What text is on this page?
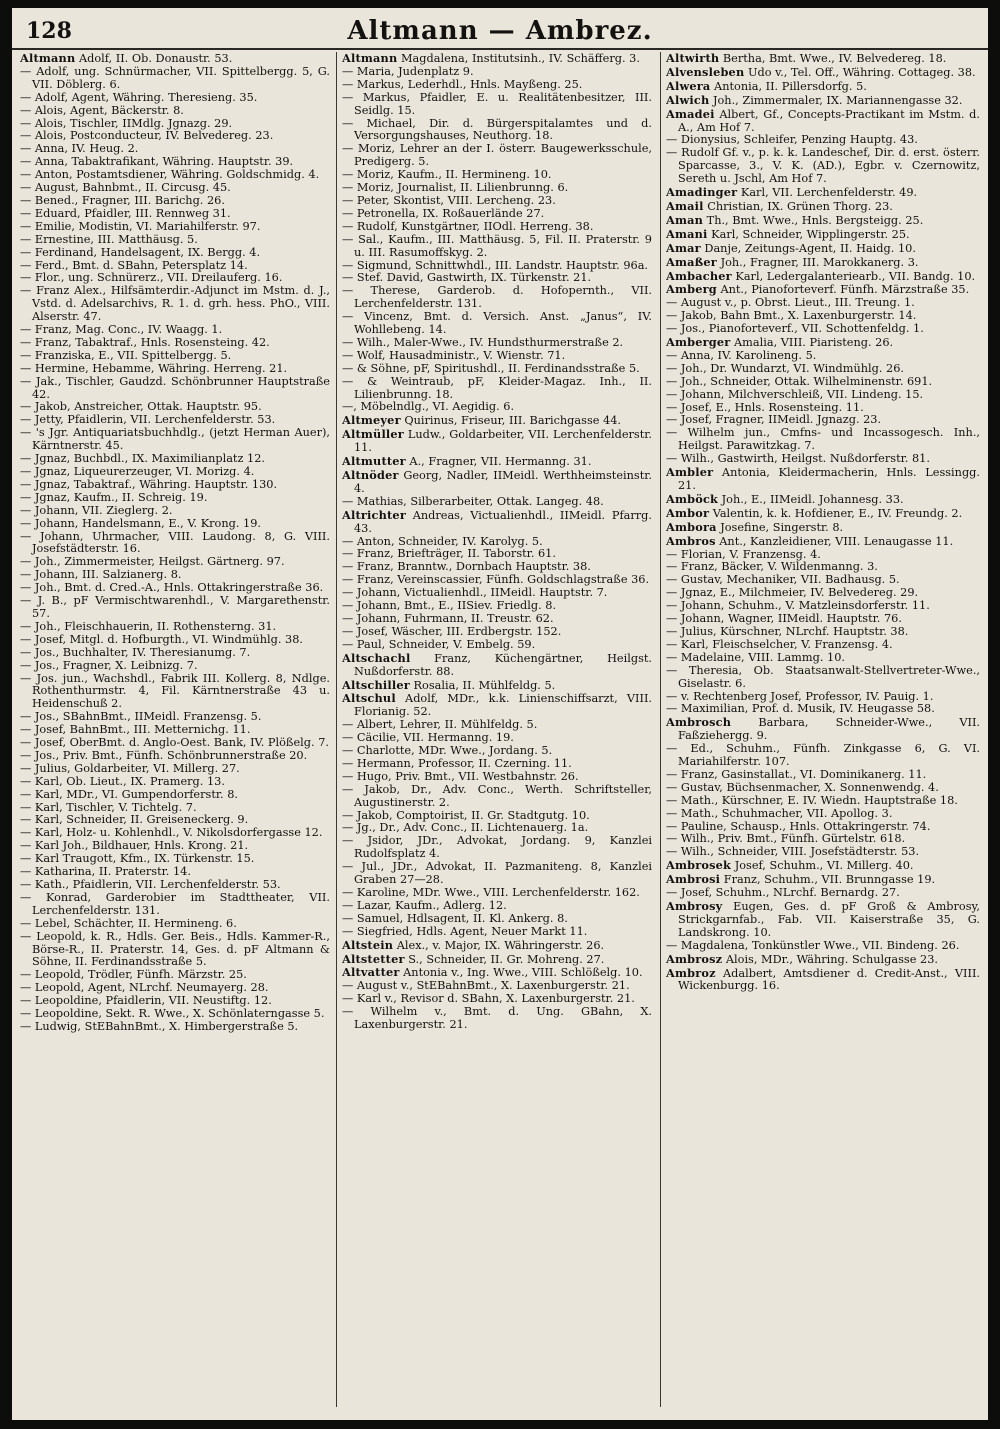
128	Altmann — Ambrez.

Altmann Adolf, II. Ob. Donaustr. 53.

— Adolf, ung. Schnürmacher, VII. Spittelbergg. 5, G. VII. Döblerg. 6.

— Adolf, Agent, Währing. Theresieng. 35.

— Alois, Agent, Bäckerstr. 8.

— Alois, Tischler, IIMdlg. Jgnazg. 29.

— Alois, Postconducteur, IV. Belvedereg. 23.

— Anna, IV. Heug. 2.

— Anna, Tabaktrafikant, Währing. Hauptstr. 39.

— Anton, Postamtsdiener, Währing. Goldschmidg. 4.

— August, Bahnbmt., II. Circusg. 45.

— Bened., Fragner, III. Barichg. 26.

— Eduard, Pfaidler, III. Rennweg 31.

— Emilie, Modistin, VI. Mariahilferstr. 97.

— Ernestine, III. Matthäusg. 5.

— Ferdinand, Handelsagent, IX. Bergg. 4.

— Ferd., Bmt. d. SBahn, Petersplatz 14.

— Flor., ung. Schnürerz., VII. Dreilauferg. 16.

— Franz Alex., Hilfsämterdir.-Adjunct im Mstm. d. J., Vstd. d. Adelsarchivs, R. 1. d. grh. hess. PhO., VIII. Alserstr. 47.

— Franz, Mag. Conc., IV. Waagg. 1.

— Franz, Tabaktraf., Hnls. Rosensteing. 42.

— Franziska, E., VII. Spittelbergg. 5.

— Hermine, Hebamme, Währing. Herreng. 21.

— Jak., Tischler, Gaudzd. Schönbrunner Hauptstraße 42.

— Jakob, Anstreicher, Ottak. Hauptstr. 95.

— Jetty, Pfaidlerin, VII. Lerchenfelderstr. 53.

— 's Jgr. Antiquariatsbuchhdlg., (jetzt Herman Auer), Kärntnerstr. 45.

— Jgnaz, Buchbdl., IX. Maximilianplatz 12.

— Jgnaz, Liqueurerzeuger, VI. Morizg. 4.

— Jgnaz, Tabaktraf., Währing. Hauptstr. 130.

— Jgnaz, Kaufm., II. Schreig. 19.

— Johann, VII. Zieglerg. 2.

— Johann, Handelsmann, E., V. Krong. 19.

— Johann, Uhrmacher, VIII. Laudong. 8, G. VIII. Josefstädterstr. 16.

— Joh., Zimmermeister, Heilgst. Gärtnerg. 97.

— Johann, III. Salzianerg. 8.

— Joh., Bmt. d. Cred.-A., Hnls. Ottakringerstraße 36.

— J. B., pF Vermischtwarenhdl., V. Margarethenstr. 57.

— Joh., Fleischhauerin, II. Rothensterng. 31.

— Josef, Mitgl. d. Hofburgth., VI. Windmühlg. 38.

— Jos., Buchhalter, IV. Theresianumg. 7.

— Jos., Fragner, X. Leibnizg. 7.

— Jos. jun., Wachshdl., Fabrik III. Kollerg. 8, Ndlge. Rothenthurmstr. 4, Fil. Kärntnerstraße 43 u. Heidenschuß 2.

— Jos., SBahnBmt., IIMeidl. Franzensg. 5.

— Josef, BahnBmt., III. Metternichg. 11.

— Josef, OberBmt. d. Anglo-Oest. Bank, IV. Plößelg. 7.

— Jos., Priv. Bmt., Fünfh. Schönbrunnerstraße 20.

— Julius, Goldarbeiter, VI. Millerg. 27.

— Karl, Ob. Lieut., IX. Pramerg. 13.

— Karl, MDr., VI. Gumpendorferstr. 8.

— Karl, Tischler, V. Tichtelg. 7.

— Karl, Schneider, II. Greiseneckerg. 9.

— Karl, Holz- u. Kohlenhdl., V. Nikolsdorfergasse 12.

— Karl Joh., Bildhauer, Hnls. Krong. 21.

— Karl Traugott, Kfm., IX. Türkenstr. 15.

— Katharina, II. Praterstr. 14.

— Kath., Pfaidlerin, VII. Lerchenfelderstr. 53.

— Konrad, Garderobier im Stadttheater, VII. Lerchenfelderstr. 131.

— Lebel, Schächter, II. Hermineng. 6.

— Leopold, k. R., Hdls. Ger. Beis., Hdls. Kammer-R., Börse-R., II. Praterstr. 14, Ges. d. pF Altmann & Söhne, II. Ferdinandsstraße 5.

— Leopold, Trödler, Fünfh. Märzstr. 25.

— Leopold, Agent, NLrchf. Neumayerg. 28.

— Leopoldine, Pfaidlerin, VII. Neustiftg. 12.

— Leopoldine, Sekt. R. Wwe., X. Schönlaterngasse 5.

— Ludwig, StEBahnBmt., X. Himbergerstraße 5.

Altmann Magdalena, Institutsinh., IV. Schäfferg. 3.

— Maria, Judenplatz 9.

— Markus, Lederhdl., Hnls. Mayßeng. 25.

— Markus, Pfaidler, E. u. Realitätenbesitzer, III. Seidlg. 15.

— Michael, Dir. d. Bürgerspitalamtes und d. Versorgungshauses, Neuthorg. 18.

— Moriz, Lehrer an der I. österr. Baugewerksschule, Predigerg. 5.

— Moriz, Kaufm., II. Hermineng. 10.

— Moriz, Journalist, II. Lilienbrunng. 6.

— Peter, Skontist, VIII. Lercheng. 23.

— Petronella, IX. Roßauerlände 27.

— Rudolf, Kunstgärtner, IIOdl. Herreng. 38.

— Sal., Kaufm., III. Matthäusg. 5, Fil. II. Praterstr. 9 u. III. Rasumoffskyg. 2.

— Sigmund, Schnittwhdl., III. Landstr. Hauptstr. 96a.

— Stef. David, Gastwirth, IX. Türkenstr. 21.

— Therese, Garderob. d. Hofopernth., VII. Lerchenfelderstr. 131.

— Vincenz, Bmt. d. Versich. Anst. „Janus“, IV. Wohllebeng. 14.

— Wilh., Maler-Wwe., IV. Hundsthurmerstraße 2.

— Wolf, Hausadministr., V. Wienstr. 71.

— & Söhne, pF, Spiritushdl., II. Ferdinandsstraße 5.

— & Weintraub, pF, Kleider-Magaz. Inh., II. Lilienbrunng. 18.

—, Möbelndlg., VI. Aegidig. 6.

Altmeyer Quirinus, Friseur, III. Barichgasse 44.

Altmüller Ludw., Goldarbeiter, VII. Lerchenfelderstr. 11.

Altmutter A., Fragner, VII. Hermanng. 31.

Altnöder Georg, Nadler, IIMeidl. Werthheimsteinstr. 4.

— Mathias, Silberarbeiter, Ottak. Langeg. 48.

Altrichter Andreas, Victualienhdl., IIMeidl. Pfarrg. 43.

— Anton, Schneider, IV. Karolyg. 5.

— Franz, Briefträger, II. Taborstr. 61.

— Franz, Branntw., Dornbach Hauptstr. 38.

— Franz, Vereinscassier, Fünfh. Goldschlagstraße 36.

— Johann, Victualienhdl., IIMeidl. Hauptstr. 7.

— Johann, Bmt., E., IISiev. Friedlg. 8.

— Johann, Fuhrmann, II. Treustr. 62.

— Josef, Wäscher, III. Erdbergstr. 152.

— Paul, Schneider, V. Embelg. 59.

Altschachl Franz, Küchengärtner, Heilgst. Nußdorferstr. 88.

Altschiller Rosalia, II. Mühlfeldg. 5.

Altschul Adolf, MDr., k.k. Linienschiffsarzt, VIII. Florianig. 52.

— Albert, Lehrer, II. Mühlfeldg. 5.

— Cäcilie, VII. Hermanng. 19.

— Charlotte, MDr. Wwe., Jordang. 5.

— Hermann, Professor, II. Czerning. 11.

— Hugo, Priv. Bmt., VII. Westbahnstr. 26.

— Jakob, Dr., Adv. Conc., Werth. Schriftsteller, Augustinerstr. 2.

— Jakob, Comptoirist, II. Gr. Stadtgutg. 10.

— Jg., Dr., Adv. Conc., II. Lichtenauerg. 1a.

— Jsidor, JDr., Advokat, Jordang. 9, Kanzlei Rudolfsplatz 4.

— Jul., JDr., Advokat, II. Pazmaniteng. 8, Kanzlei Graben 27—28.

— Karoline, MDr. Wwe., VIII. Lerchenfelderstr. 162.

— Lazar, Kaufm., Adlerg. 12.

— Samuel, Hdlsagent, II. Kl. Ankerg. 8.

— Siegfried, Hdls. Agent, Neuer Markt 11.

Altstein Alex., v. Major, IX. Währingerstr. 26.

Altstetter S., Schneider, II. Gr. Mohreng. 27.

Altvatter Antonia v., Ing. Wwe., VIII. Schlößelg. 10.

— August v., StEBahnBmt., X. Laxenburgerstr. 21.

— Karl v., Revisor d. SBahn, X. Laxenburgerstr. 21.

— Wilhelm v., Bmt. d. Ung. GBahn, X. Laxenburgerstr. 21.

Altwirth Bertha, Bmt. Wwe., IV. Belvedereg. 18.

Alvensleben Udo v., Tel. Off., Währing. Cottageg. 38.

Alwera Antonia, II. Pillersdorfg. 5.

Alwich Joh., Zimmermaler, IX. Mariannengasse 32.

Amadei Albert, Gf., Concepts-Practikant im Mstm. d. A., Am Hof 7.

— Dionysius, Schleifer, Penzing Hauptg. 43.

— Rudolf Gf. v., p. k. k. Landeschef, Dir. d. erst. österr. Sparcasse, 3., V. K. (AD.), Egbr. v. Czernowitz, Sereth u. Jschl, Am Hof 7.

Amadinger Karl, VII. Lerchenfelderstr. 49.

Amail Christian, IX. Grünen Thorg. 23.

Aman Th., Bmt. Wwe., Hnls. Bergsteigg. 25.

Amani Karl, Schneider, Wipplingerstr. 25.

Amar Danje, Zeitungs-Agent, II. Haidg. 10.

Amaßer Joh., Fragner, III. Marokkanerg. 3.

Ambacher Karl, Ledergalanteriearb., VII. Bandg. 10.

Amberg Ant., Pianoforteverf. Fünfh. Märzstraße 35.

— August v., p. Obrst. Lieut., III. Treung. 1.

— Jakob, Bahn Bmt., X. Laxenburgerstr. 14.

— Jos., Pianoforteverf., VII. Schottenfeldg. 1.

Amberger Amalia, VIII. Piaristeng. 26.

— Anna, IV. Karolineng. 5.

— Joh., Dr. Wundarzt, VI. Windmühlg. 26.

— Joh., Schneider, Ottak. Wilhelminenstr. 691.

— Johann, Milchverschleiß, VII. Lindeng. 15.

— Josef, E., Hnls. Rosensteing. 11.

— Josef, Fragner, IIMeidl. Jgnazg. 23.

— Wilhelm jun., Cmfns- und Incassogesch. Inh., Heilgst. Parawitzkag. 7.

— Wilh., Gastwirth, Heilgst. Nußdorferstr. 81.

Ambler Antonia, Kleidermacherin, Hnls. Lessingg. 21.

Amböck Joh., E., IIMeidl. Johannesg. 33.

Ambor Valentin, k. k. Hofdiener, E., IV. Freundg. 2.

Ambora Josefine, Singerstr. 8.

Ambros Ant., Kanzleidiener, VIII. Lenaugasse 11.

— Florian, V. Franzensg. 4.

— Franz, Bäcker, V. Wildenmanng. 3.

— Gustav, Mechaniker, VII. Badhausg. 5.

— Jgnaz, E., Milchmeier, IV. Belvedereg. 29.

— Johann, Schuhm., V. Matzleinsdorferstr. 11.

— Johann, Wagner, IIMeidl. Hauptstr. 76.

— Julius, Kürschner, NLrchf. Hauptstr. 38.

— Karl, Fleischselcher, V. Franzensg. 4.

— Madelaine, VIII. Lammg. 10.

— Theresia, Ob. Staatsanwalt-Stellvertreter-Wwe., Giselastr. 6.

— v. Rechtenberg Josef, Professor, IV. Pauig. 1.

— Maximilian, Prof. d. Musik, IV. Heugasse 58.

Ambrosch Barbara, Schneider-Wwe., VII. Faßziehergg. 9.

— Ed., Schuhm., Fünfh. Zinkgasse 6, G. VI. Mariahilferstr. 107.

— Franz, Gasinstallat., VI. Dominikanerg. 11.

— Gustav, Büchsenmacher, X. Sonnenwendg. 4.

— Math., Kürschner, E. IV. Wiedn. Hauptstraße 18.

— Math., Schuhmacher, VII. Apollog. 3.

— Pauline, Schausp., Hnls. Ottakringerstr. 74.

— Wilh., Priv. Bmt., Fünfh. Gürtelstr. 618.

— Wilh., Schneider, VIII. Josefstädterstr. 53.

Ambrosek Josef, Schuhm., VI. Millerg. 40.

Ambrosi Franz, Schuhm., VII. Brunngasse 19.

— Josef, Schuhm., NLrchf. Bernardg. 27.

Ambrosy Eugen, Ges. d. pF Groß & Ambrosy, Strickgarnfab., Fab. VII. Kaiserstraße 35, G. Landskrong. 10.

— Magdalena, Tonkünstler Wwe., VII. Bindeng. 26.

Ambrosz Alois, MDr., Währing. Schulgasse 23.

Ambroz Adalbert, Amtsdiener d. Credit-Anst., VIII. Wickenburgg. 16.
